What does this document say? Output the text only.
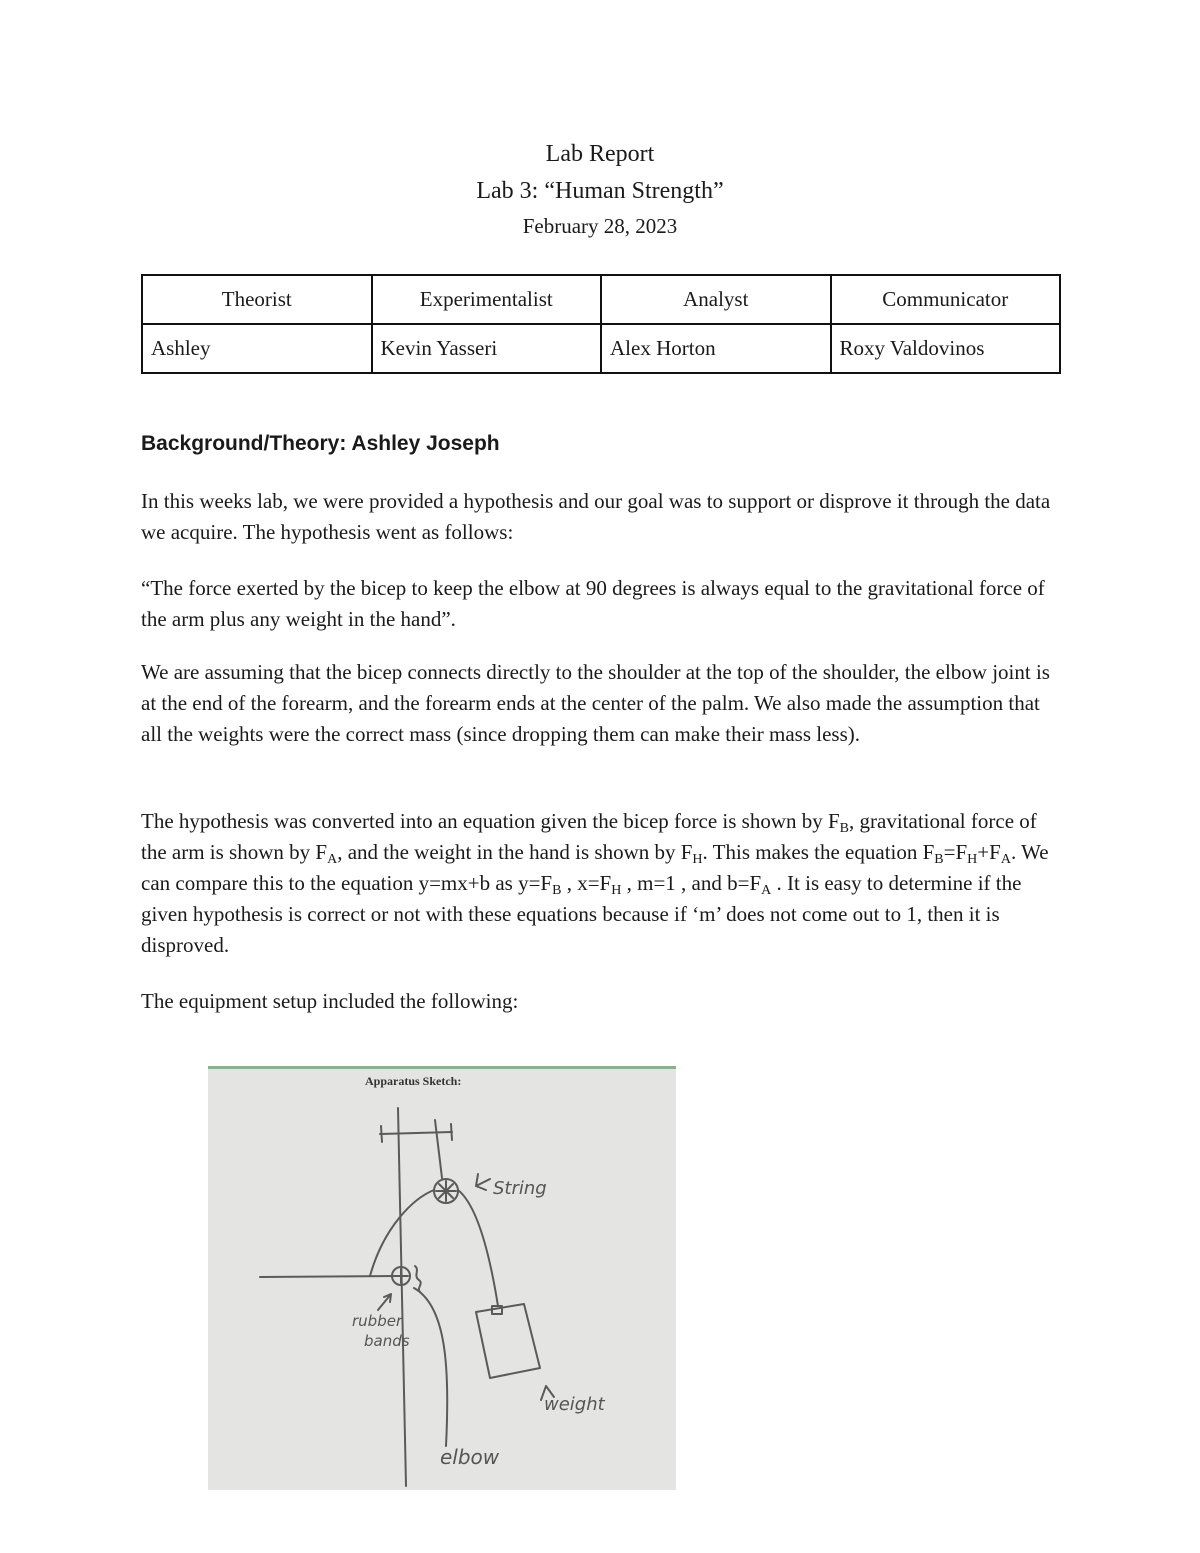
Lab Report
Lab 3: “Human Strength”
February 28, 2023
Theorist	Experimentalist	Analyst	Communicator
Ashley	Kevin Yasseri	Alex Horton	Roxy Valdovinos
Background/Theory: Ashley Joseph

In this weeks lab, we were provided a hypothesis and our goal was to support or disprove it through the data we acquire. The hypothesis went as follows:

“The force exerted by the bicep to keep the elbow at 90 degrees is always equal to the gravitational force of the arm plus any weight in the hand”.

We are assuming that the bicep connects directly to the shoulder at the top of the shoulder, the elbow joint is at the end of the forearm, and the forearm ends at the center of the palm. We also made the assumption that all the weights were the correct mass (since dropping them can make their mass less).

The hypothesis was converted into an equation given the bicep force is shown by $F_B$, gravitational force of the arm is shown by $F_A$, and the weight in the hand is shown by $F_H$. This makes the equation $F_B=F_H+F_A$. We can compare this to the equation y=mx+b as $y=F_B$ , $x=F_H$ , m=1 , and $b=F_A$ . It is easy to determine if the given hypothesis is correct or not with these equations because if ‘m’ does not come out to 1, then it is disproved.

The equipment setup included the following:

Apparatus Sketch:
String
rubber
bands
weight
elbow
